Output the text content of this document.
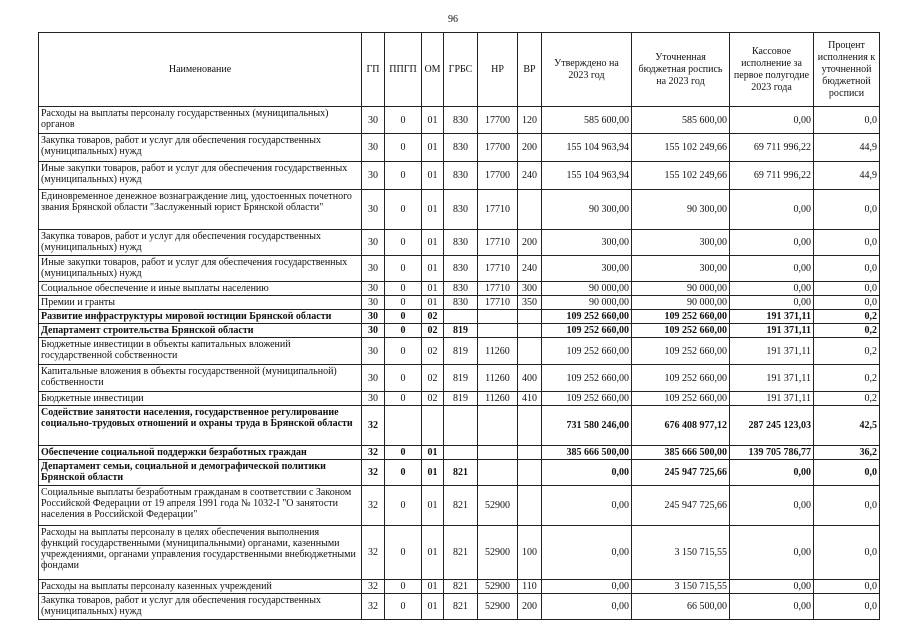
96
Наименование	ГП	ППГП	ОМ	ГРБС	НР	ВР	Утверждено на 2023 год	Уточненная бюджетная роспись на 2023 год	Кассовое исполнение за первое полугодие 2023 года	Процент исполнения к уточненной бюджетной росписи
Расходы на выплаты персоналу государственных (муниципальных) органов	30	0	01	830	17700	120	585 600,00	585 600,00	0,00	0,0
Закупка товаров, работ и услуг для обеспечения государственных (муниципальных) нужд	30	0	01	830	17700	200	155 104 963,94	155 102 249,66	69 711 996,22	44,9
Иные закупки товаров, работ и услуг для обеспечения государственных (муниципальных) нужд	30	0	01	830	17700	240	155 104 963,94	155 102 249,66	69 711 996,22	44,9
Единовременное денежное вознаграждение лиц, удостоенных почетного звания Брянской области "Заслуженный юрист Брянской области"	30	0	01	830	17710		90 300,00	90 300,00	0,00	0,0
Закупка товаров, работ и услуг для обеспечения государственных (муниципальных) нужд	30	0	01	830	17710	200	300,00	300,00	0,00	0,0
Иные закупки товаров, работ и услуг для обеспечения государственных (муниципальных) нужд	30	0	01	830	17710	240	300,00	300,00	0,00	0,0
Социальное обеспечение и иные выплаты населению	30	0	01	830	17710	300	90 000,00	90 000,00	0,00	0,0
Премии и гранты	30	0	01	830	17710	350	90 000,00	90 000,00	0,00	0,0
Развитие инфраструктуры мировой юстиции Брянской области	30	0	02				109 252 660,00	109 252 660,00	191 371,11	0,2
Департамент строительства Брянской области	30	0	02	819			109 252 660,00	109 252 660,00	191 371,11	0,2
Бюджетные инвестиции в объекты капитальных вложений государственной собственности	30	0	02	819	11260		109 252 660,00	109 252 660,00	191 371,11	0,2
Капитальные вложения в объекты государственной (муниципальной) собственности	30	0	02	819	11260	400	109 252 660,00	109 252 660,00	191 371,11	0,2
Бюджетные инвестиции	30	0	02	819	11260	410	109 252 660,00	109 252 660,00	191 371,11	0,2
Содействие занятости населения, государственное регулирование социально-трудовых отношений и охраны труда в Брянской области	32						731 580 246,00	676 408 977,12	287 245 123,03	42,5
Обеспечение социальной поддержки безработных граждан	32	0	01				385 666 500,00	385 666 500,00	139 705 786,77	36,2
Департамент семьи, социальной и демографической политики Брянской области	32	0	01	821			0,00	245 947 725,66	0,00	0,0
Социальные выплаты безработным гражданам в соответствии с Законом Российской Федерации от 19 апреля 1991 года № 1032-I "О занятости населения в Российской Федерации"	32	0	01	821	52900		0,00	245 947 725,66	0,00	0,0
Расходы на выплаты персоналу в целях обеспечения выполнения функций государственными (муниципальными) органами, казенными учреждениями, органами управления государственными внебюджетными фондами	32	0	01	821	52900	100	0,00	3 150 715,55	0,00	0,0
Расходы на выплаты персоналу казенных учреждений	32	0	01	821	52900	110	0,00	3 150 715,55	0,00	0,0
Закупка товаров, работ и услуг для обеспечения государственных (муниципальных) нужд	32	0	01	821	52900	200	0,00	66 500,00	0,00	0,0
